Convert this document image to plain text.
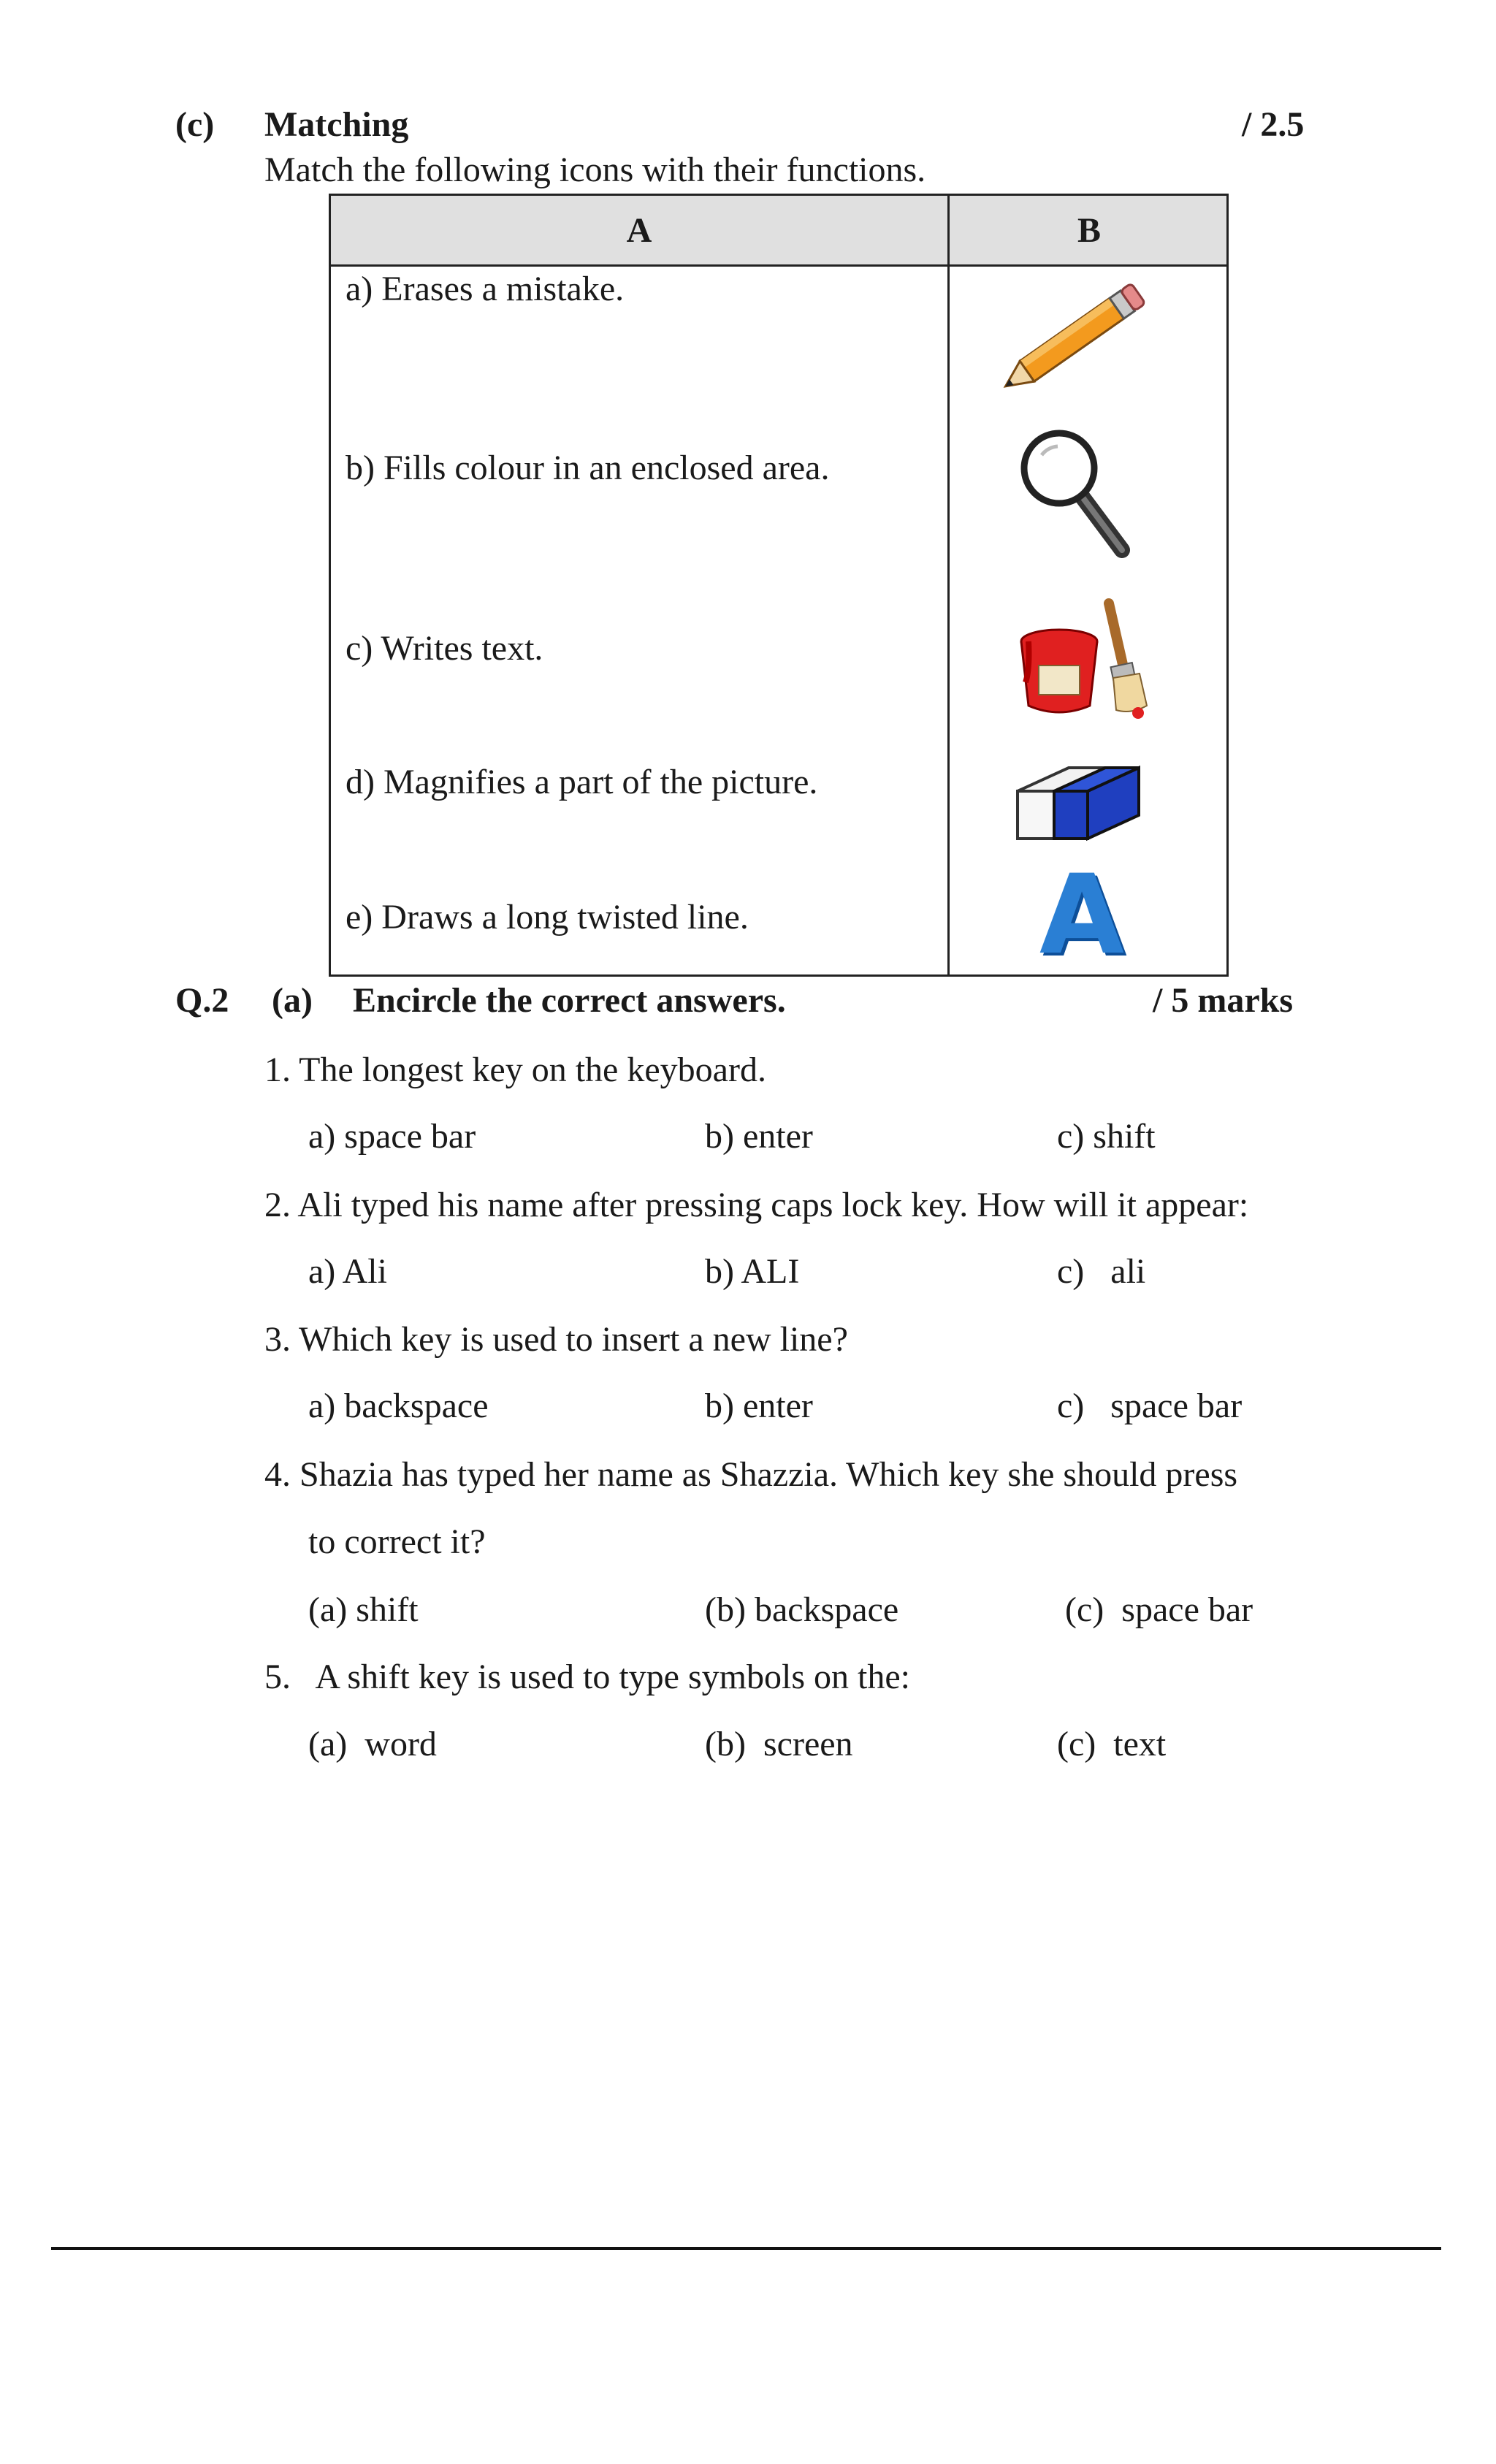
(c) Matching	/ 2.5
Match the following icons with their functions.
A	B
a) Erases a mistake.
b) Fills colour in an enclosed area.
c) Writes text.
d) Magnifies a part of the picture.
e) Draws a long twisted line.	A
Q.2 (a) Encircle the correct answers.	/ 5 marks
1. The longest key on the keyboard.
a) space bar	b) enter	c) shift
2. Ali typed his name after pressing caps lock key. How will it appear:
a) Ali	b) ALI	c)   ali
3. Which key is used to insert a new line?
a) backspace	b) enter	c)   space bar
4. Shazia has typed her name as Shazzia. Which key she should press
to correct it?
(a) shift	(b) backspace	(c)  space bar
5.   A shift key is used to type symbols on the:
(a)  word	(b)  screen	(c)  text
